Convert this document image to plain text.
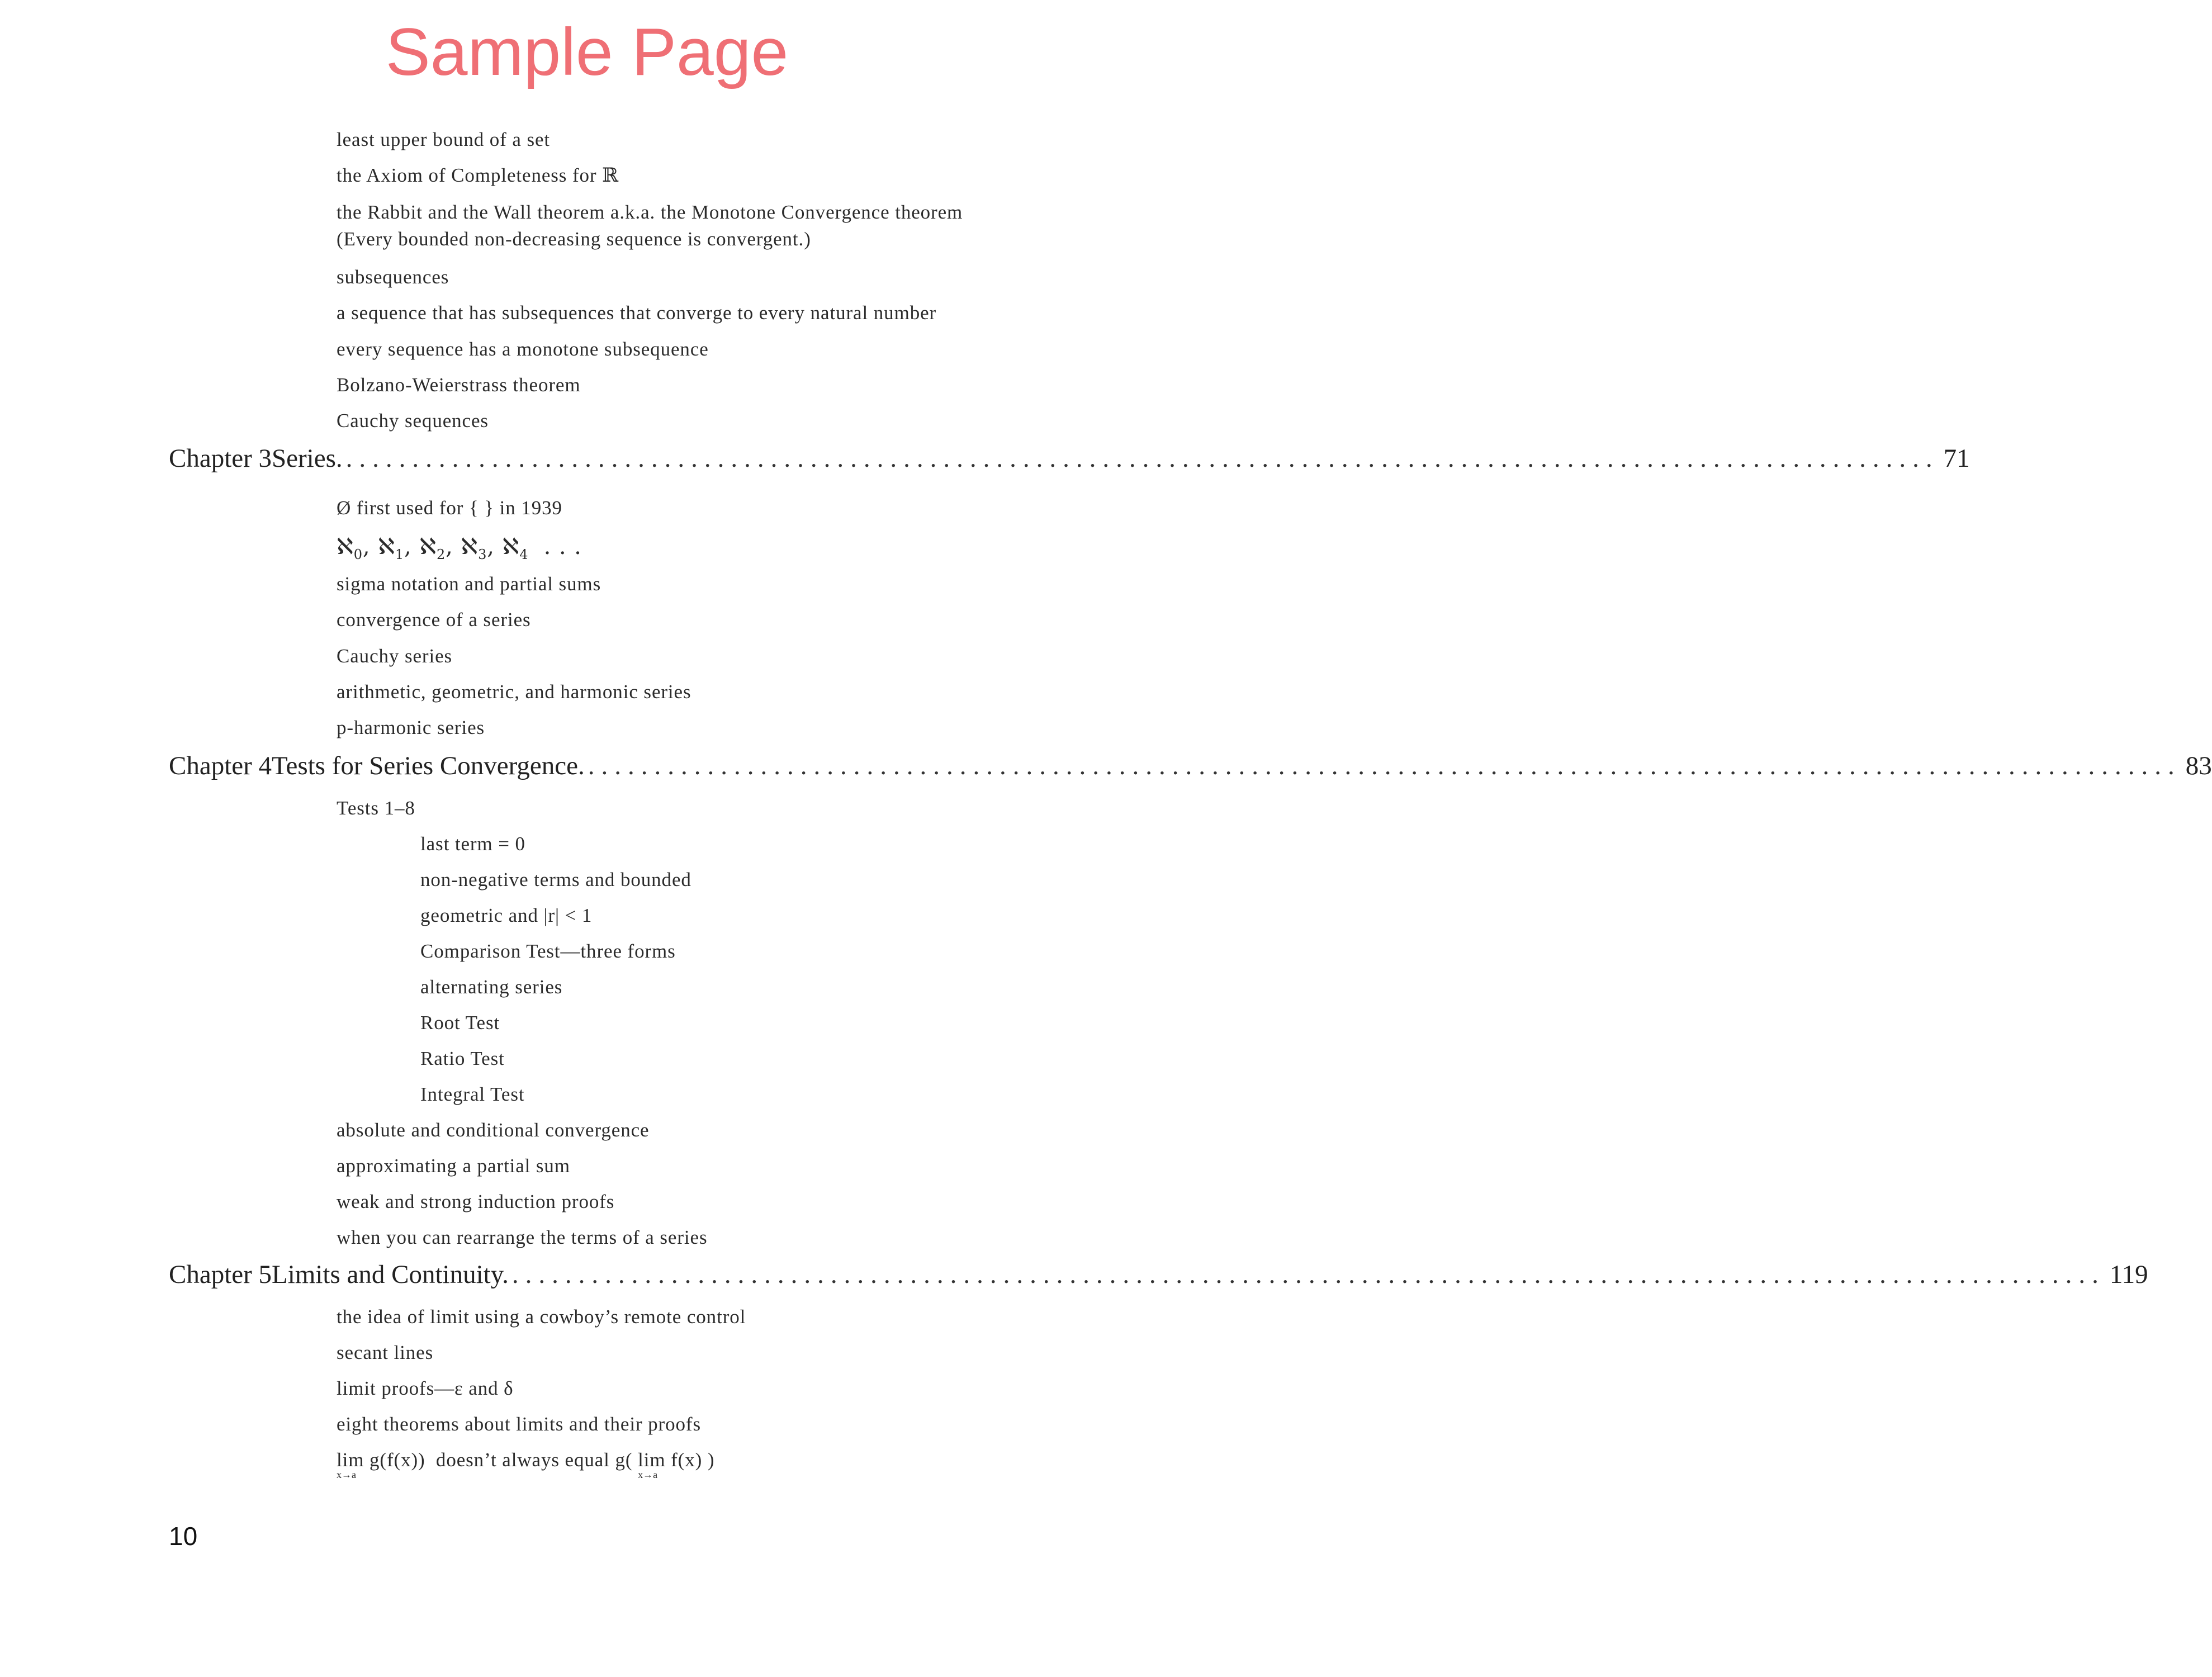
Sample Page
least upper bound of a set
the Axiom of Completeness for ℝ
the Rabbit and the Wall theorem a.k.a. the Monotone Convergence theorem (Every bounded non-decreasing sequence is convergent.)
subsequences
a sequence that has subsequences that converge to every natural number
every sequence has a monotone subsequence
Bolzano-Weierstrass theorem
Cauchy sequences
Chapter 3 Series. ........................................................................................................................ 71
Ø first used for { } in 1939
ℵ$_0$, ℵ$_1$, ℵ$_2$, ℵ$_3$, ℵ$_4$ . . .
sigma notation and partial sums
convergence of a series
Cauchy series
arithmetic, geometric, and harmonic series
p-harmonic series
Chapter 4 Tests for Series Convergence. ........................................................................................................................ 83
Tests 1–8
last term = 0
non-negative terms and bounded
geometric and |r| < 1
Comparison Test—three forms
alternating series
Root Test
Ratio Test
Integral Test
absolute and conditional convergence
approximating a partial sum
weak and strong induction proofs
when you can rearrange the terms of a series
Chapter 5 Limits and Continuity. ........................................................................................................................ 119
the idea of limit using a cowboy’s remote control
secant lines
limit proofs—ε and δ
eight theorems about limits and their proofs
lim
x→a
g(f(x)) doesn’t always equal g( lim
x→a
f(x) )
10
